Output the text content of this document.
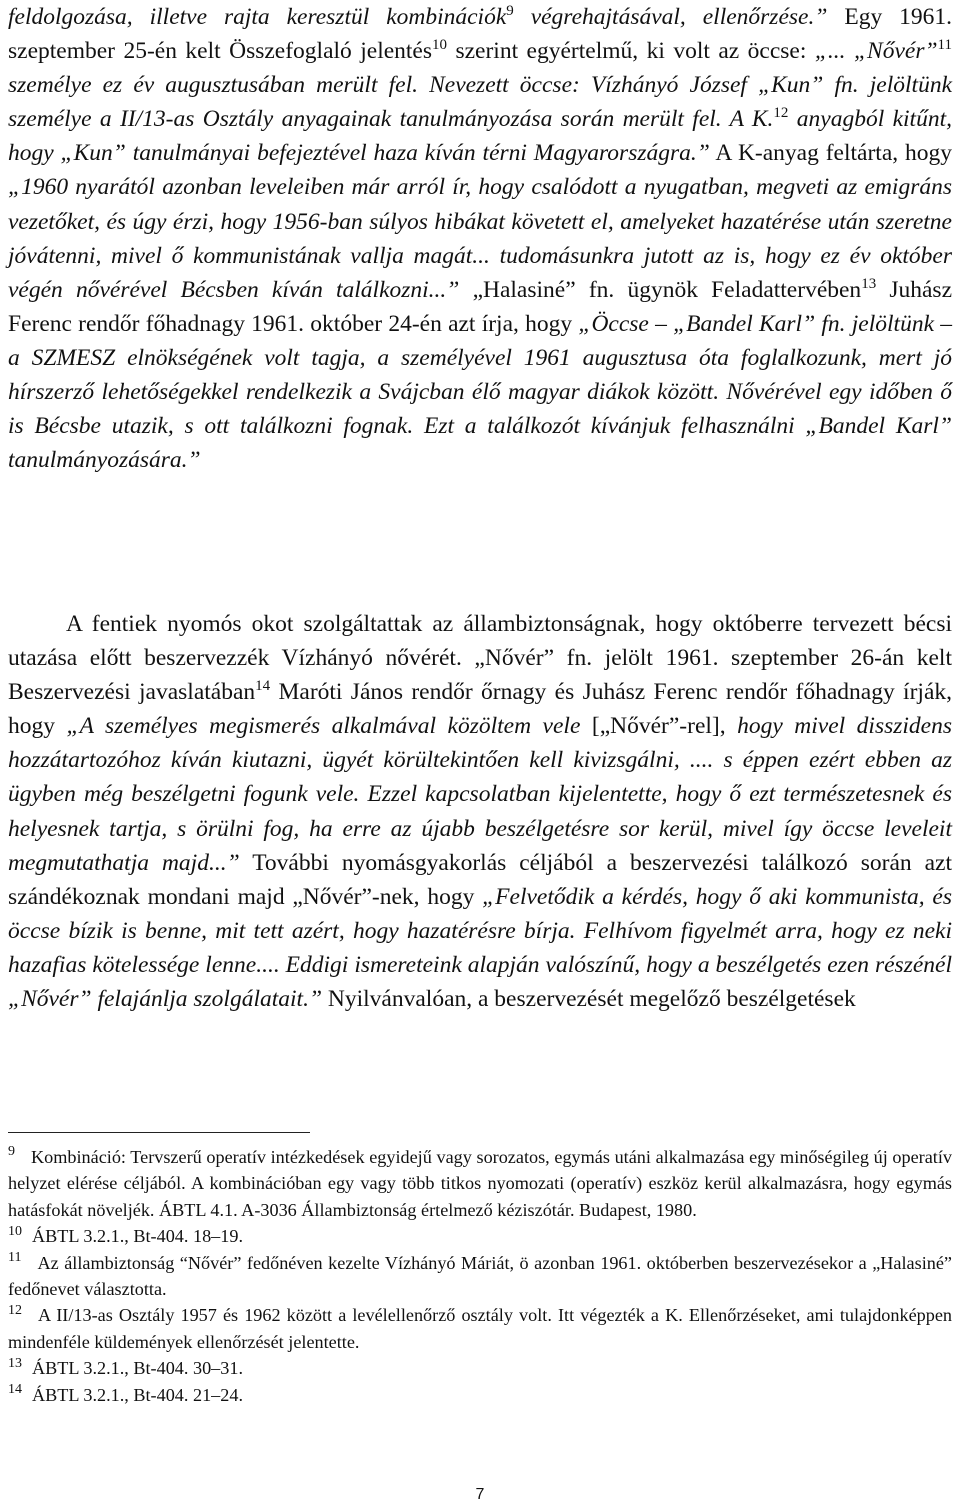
feldolgozása, illetve rajta keresztül kombinációk$^9$ végrehajtásával, ellenőrzése.” Egy 1961. szeptember 25-én kelt Összefoglaló jelentés$^{10}$ szerint egyértelmű, ki volt az öccse: „... „Nővér”$^{11}$ személye ez év augusztusában merült fel. Nevezett öccse: Vízhányó József „Kun” fn. jelöltünk személye a II/13-as Osztály anyagainak tanulmányozása során merült fel. A K.$^{12}$ anyagból kitűnt, hogy „Kun” tanulmányai befejeztével haza kíván térni Magyarországra.” A K-anyag feltárta, hogy „1960 nyarától azonban leveleiben már arról ír, hogy csalódott a nyugatban, megveti az emigráns vezetőket, és úgy érzi, hogy 1956-ban súlyos hibákat követett el, amelyeket hazatérése után szeretne jóvátenni, mivel ő kommunistának vallja magát... tudomásunkra jutott az is, hogy ez év október végén nővérével Bécsben kíván találkozni...” „Halasiné” fn. ügynök Feladattervében$^{13}$ Juhász Ferenc rendőr főhadnagy 1961. október 24-én azt írja, hogy „Öccse – „Bandel Karl” fn. jelöltünk – a SZMESZ elnökségének volt tagja, a személyével 1961 augusztusa óta foglalkozunk, mert jó hírszerző lehetőségekkel rendelkezik a Svájcban élő magyar diákok között. Nővérével egy időben ő is Bécsbe utazik, s ott találkozni fognak. Ezt a találkozót kívánjuk felhasználni „Bandel Karl” tanulmányozására.”

A fentiek nyomós okot szolgáltattak az állambiztonságnak, hogy októberre tervezett bécsi utazása előtt beszervezzék Vízhányó nővérét. „Nővér” fn. jelölt 1961. szeptember 26-án kelt Beszervezési javaslatában$^{14}$ Maróti János rendőr őrnagy és Juhász Ferenc rendőr főhadnagy írják, hogy „A személyes megismerés alkalmával közöltem vele [„Nővér”-rel], hogy mivel disszidens hozzátartozóhoz kíván kiutazni, ügyét körültekintően kell kivizsgálni, .... s éppen ezért ebben az ügyben még beszélgetni fogunk vele. Ezzel kapcsolatban kijelentette, hogy ő ezt természetesnek és helyesnek tartja, s örülni fog, ha erre az újabb beszélgetésre sor kerül, mivel így öccse leveleit megmutathatja majd...” További nyomásgyakorlás céljából a beszervezési találkozó során azt szándékoznak mondani majd „Nővér”-nek, hogy „Felvetődik a kérdés, hogy ő aki kommunista, és öccse bízik is benne, mit tett azért, hogy hazatérésre bírja. Felhívom figyelmét arra, hogy ez neki hazafias kötelessége lenne.... Eddigi ismereteink alapján valószínű, hogy a beszélgetés ezen részénél „Nővér” felajánlja szolgálatait.” Nyilvánvalóan, a beszervezését megelőző beszélgetések

$^9$ Kombináció: Tervszerű operatív intézkedések egyidejű vagy sorozatos, egymás utáni alkalmazása egy minőségileg új operatív helyzet elérése céljából. A kombinációban egy vagy több titkos nyomozati (operatív) eszköz kerül alkalmazásra, hogy egymás hatásfokát növeljék. ÁBTL 4.1. A-3036 Állambiztonság értelmező kéziszótár. Budapest, 1980.

$^{10}$ ÁBTL 3.2.1., Bt-404. 18–19.

$^{11}$ Az állambiztonság “Nővér” fedőnéven kezelte Vízhányó Máriát, ö azonban 1961. októberben beszervezésekor a „Halasiné” fedőnevet választotta.

$^{12}$ A II/13-as Osztály 1957 és 1962 között a levélellenőrző osztály volt. Itt végezték a K. Ellenőrzéseket, ami tulajdonképpen mindenféle küldemények ellenőrzését jelentette.

$^{13}$ ÁBTL 3.2.1., Bt-404. 30–31.

$^{14}$ ÁBTL 3.2.1., Bt-404. 21–24.

7
